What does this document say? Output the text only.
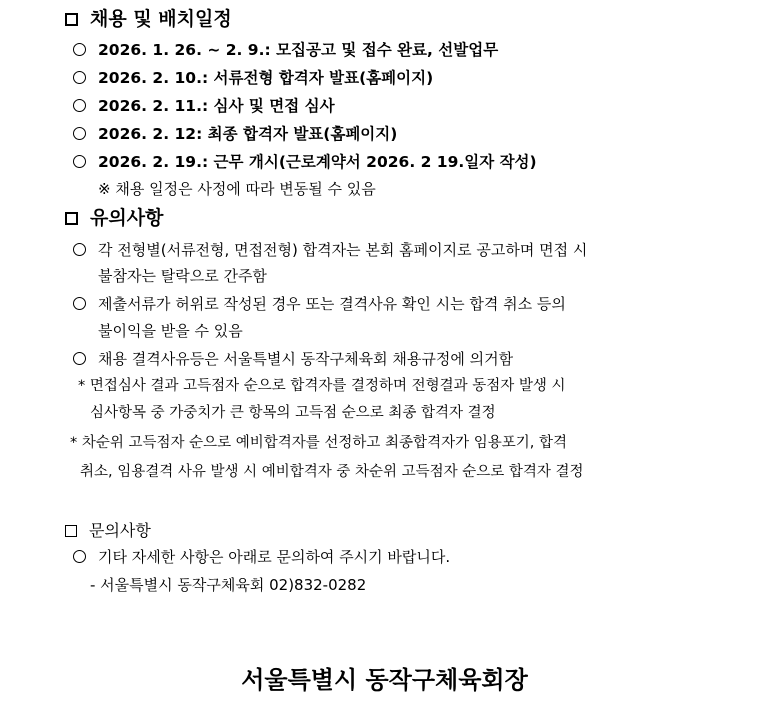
채용 및 배치일정
2026. 1. 26. ~ 2. 9.: 모집공고 및 접수 완료, 선발업무
2026. 2. 10.: 서류전형 합격자 발표(홈페이지)
2026. 2. 11.: 심사 및 면접 심사
2026. 2. 12: 최종 합격자 발표(홈페이지)
2026. 2. 19.: 근무 개시(근로계약서 2026. 2 19.일자 작성)
※ 채용 일정은 사정에 따라 변동될 수 있음
유의사항
각 전형별(서류전형, 면접전형) 합격자는 본회 홈페이지로 공고하며 면접 시
불참자는 탈락으로 간주함
제출서류가 허위로 작성된 경우 또는 결격사유 확인 시는 합격 취소 등의
불이익을 받을 수 있음
채용 결격사유등은 서울특별시 동작구체육회 채용규정에 의거함
* 면접심사 결과 고득점자 순으로 합격자를 결정하며 전형결과 동점자 발생 시
심사항목 중 가중치가 큰 항목의 고득점 순으로 최종 합격자 결정
* 차순위 고득점자 순으로 예비합격자를 선정하고 최종합격자가 임용포기, 합격
취소, 임용결격 사유 발생 시 예비합격자 중 차순위 고득점자 순으로 합격자 결정
문의사항
기타 자세한 사항은 아래로 문의하여 주시기 바랍니다.
- 서울특별시 동작구체육회 02)832-0282
서울특별시 동작구체육회장
